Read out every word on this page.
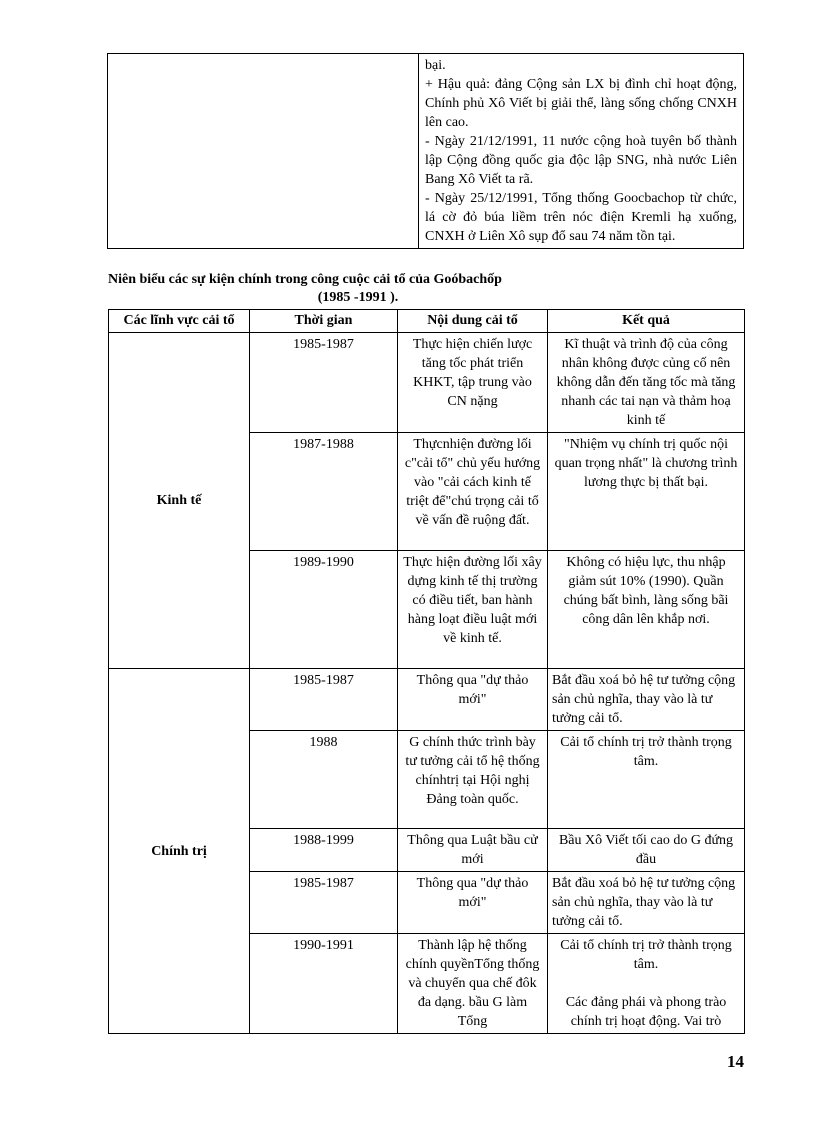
bại.

+ Hậu quả: đảng Cộng sản LX bị đình chỉ hoạt động, Chính phủ Xô Viết bị giải thể, làng sống chống CNXH lên cao.

- Ngày 21/12/1991, 11 nước cộng hoà tuyên bố thành lập Cộng đồng quốc gia độc lập SNG, nhà nước Liên Bang Xô Viết ta rã.

- Ngày 25/12/1991, Tổng thống Goocbachop từ chức, lá cờ đỏ búa liềm trên nóc điện Kremli hạ xuống, CNXH ở Liên Xô sụp đổ sau 74 năm tồn tại.

Niên biểu các sự kiện chính trong công cuộc cải tổ của Goóbachốp
(1985 -1991 ).
Các lĩnh vực cải tổ	Thời gian	Nội dung cải tổ	Kết quả
Kinh tế	1985-1987	Thực hiện chiến lược tăng tốc phát triển KHKT, tập trung vào CN nặng	Kĩ thuật và trình độ của công nhân không được củng cố nên không dẫn đến tăng tốc mà tăng nhanh các tai nạn và thảm hoạ kinh tế
	1987-1988	Thựcnhiện đường lối c"cải tổ" chủ yếu hướng vào "cải cách kinh tế triệt để"chú trọng cải tổ về vấn đề ruộng đất.	"Nhiệm vụ chính trị quốc nội quan trọng nhất" là chương trình lương thực bị thất bại.
	1989-1990	Thực hiện đường lối xây dựng kinh tế thị trường có điều tiết, ban hành hàng loạt điều luật mới về kinh tế.	Không có hiệu lực, thu nhập giảm sút 10% (1990). Quần chúng bất bình, làng sống bãi công dân lên khắp nơi.
Chính trị	1985-1987	Thông qua "dự thảo mới"	Bắt đầu xoá bỏ hệ tư tưởng cộng sản chủ nghĩa, thay vào là tư tưởng cải tổ.
	1988	G chính thức trình bày tư tưởng cải tổ hệ thống chínhtrị tại Hội nghị Đảng toàn quốc.	Cải tổ chính trị trở thành trọng tâm.
	1988-1999	Thông qua Luật bầu cử mới	Bầu Xô Viết tối cao do G đứng đầu
	1985-1987	Thông qua "dự thảo mới"	Bắt đầu xoá bỏ hệ tư tưởng cộng sản chủ nghĩa, thay vào là tư tưởng cải tổ.
	1990-1991	Thành lập hệ thống chính quyềnTổng thống và chuyển qua chế đôk đa dạng. bầu G làm Tổng	Cải tổ chính trị trở thành trọng tâm.
Các đảng phái và phong trào chính trị hoạt động. Vai trò
14
